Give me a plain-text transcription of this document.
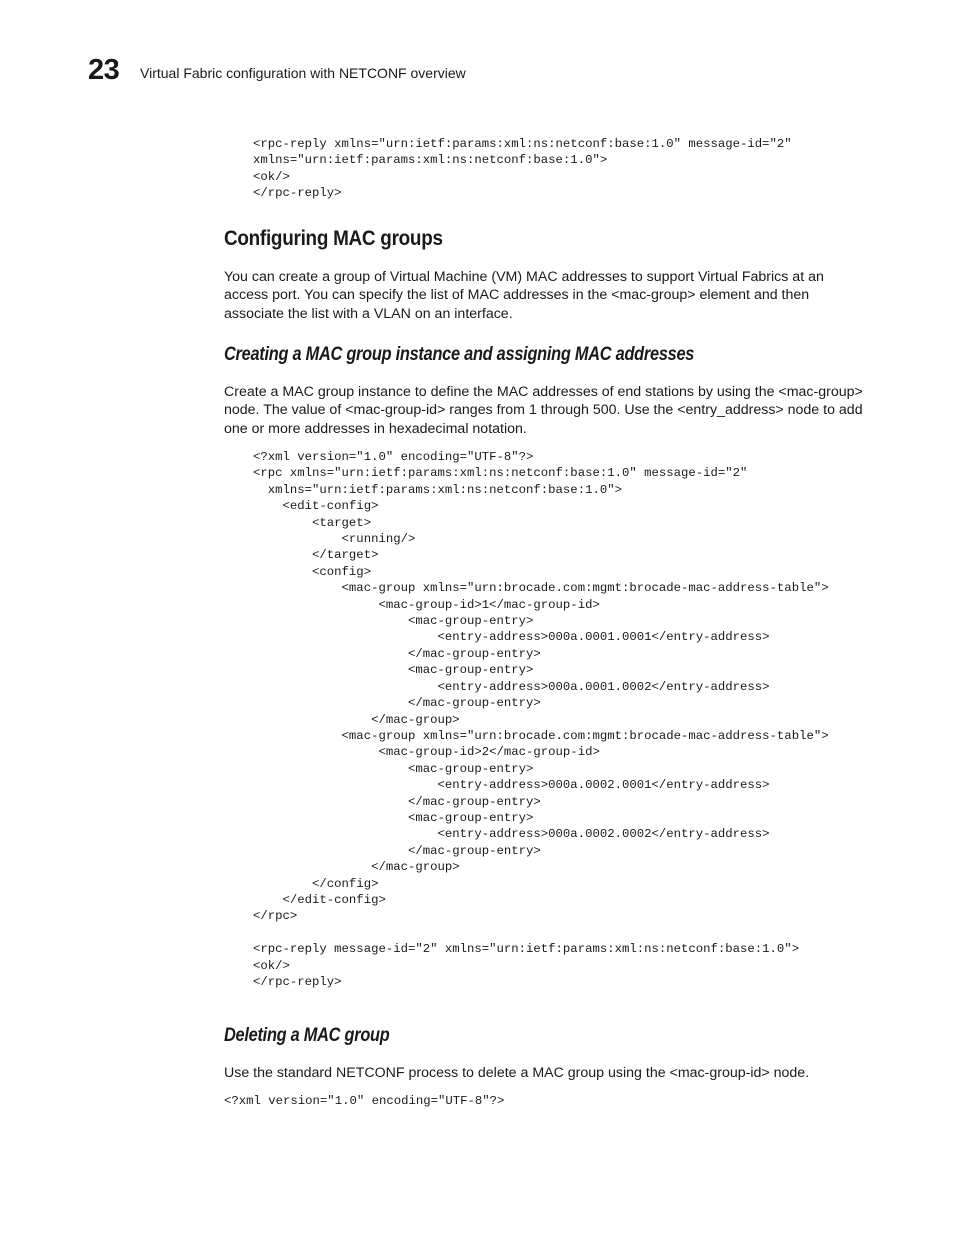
23 Virtual Fabric configuration with NETCONF overview
<rpc-reply xmlns="urn:ietf:params:xml:ns:netconf:base:1.0" message-id="2"
xmlns="urn:ietf:params:xml:ns:netconf:base:1.0">
<ok/>
</rpc-reply>
Configuring MAC groups

You can create a group of Virtual Machine (VM) MAC addresses to support Virtual Fabrics at an access port. You can specify the list of MAC addresses in the <mac-group> element and then associate the list with a VLAN on an interface.

Creating a MAC group instance and assigning MAC addresses

Create a MAC group instance to define the MAC addresses of end stations by using the <mac-group> node. The value of <mac-group-id> ranges from 1 through 500. Use the <entry_address> node to add one or more addresses in hexadecimal notation.

<?xml version="1.0" encoding="UTF-8"?>
<rpc xmlns="urn:ietf:params:xml:ns:netconf:base:1.0" message-id="2"
xmlns="urn:ietf:params:xml:ns:netconf:base:1.0">
<edit-config>
<target>
<running/>
</target>
<config>
<mac-group xmlns="urn:brocade.com:mgmt:brocade-mac-address-table">
<mac-group-id>1</mac-group-id>
<mac-group-entry>
<entry-address>000a.0001.0001</entry-address>
</mac-group-entry>
<mac-group-entry>
<entry-address>000a.0001.0002</entry-address>
</mac-group-entry>
</mac-group>
<mac-group xmlns="urn:brocade.com:mgmt:brocade-mac-address-table">
<mac-group-id>2</mac-group-id>
<mac-group-entry>
<entry-address>000a.0002.0001</entry-address>
</mac-group-entry>
<mac-group-entry>
<entry-address>000a.0002.0002</entry-address>
</mac-group-entry>
</mac-group>
</config>
</edit-config>
</rpc>

<rpc-reply message-id="2" xmlns="urn:ietf:params:xml:ns:netconf:base:1.0">
<ok/>
</rpc-reply>
Deleting a MAC group

Use the standard NETCONF process to delete a MAC group using the <mac-group-id> node.

<?xml version="1.0" encoding="UTF-8"?>
